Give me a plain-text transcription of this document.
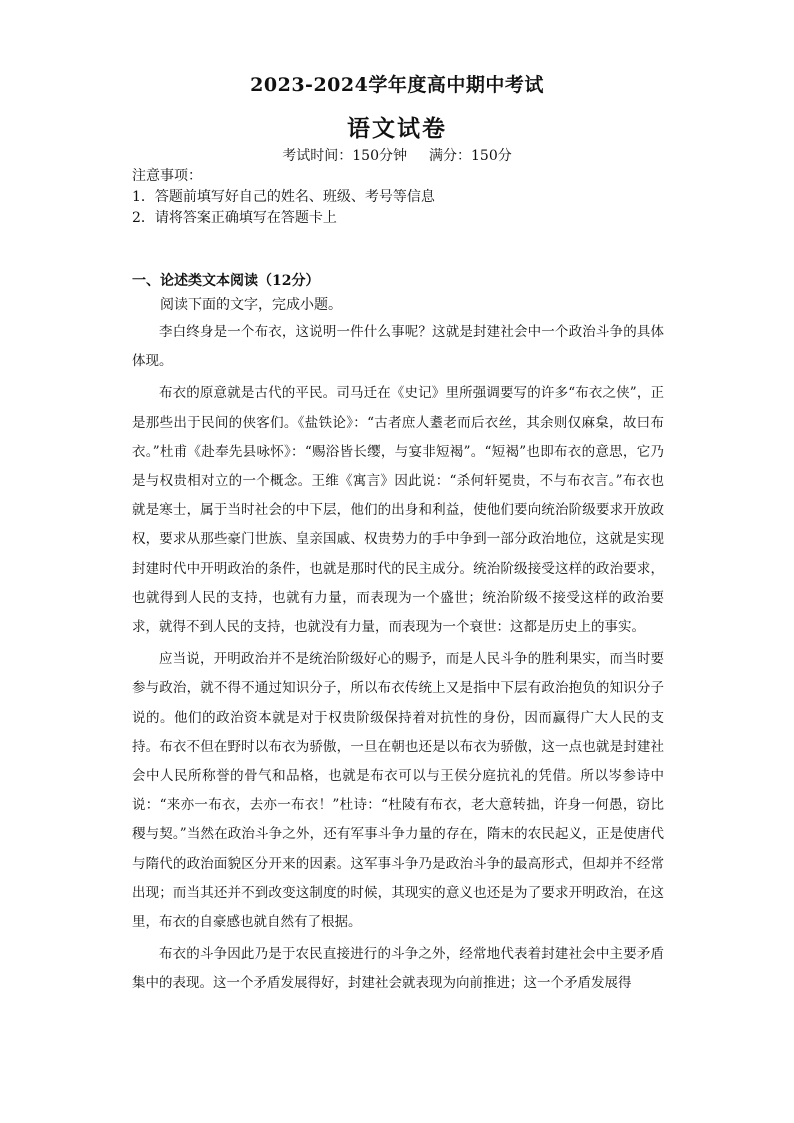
2023-2024学年度高中期中考试
语文试卷
考试时间：150分钟 满分：150分
注意事项：
1．答题前填写好自己的姓名、班级、考号等信息
2．请将答案正确填写在答题卡上
一、论述类文本阅读（12分）
阅读下面的文字，完成小题。

李白终身是一个布衣，这说明一件什么事呢？这就是封建社会中一个政治斗争的具体体现。

布衣的原意就是古代的平民。司马迁在《史记》里所强调要写的许多“布衣之侠”，正是那些出于民间的侠客们。《盐铁论》：“古者庶人耋老而后衣丝，其余则仅麻枲，故曰布衣。”杜甫《赴奉先县咏怀》：“赐浴皆长缨，与宴非短褐”。“短褐”也即布衣的意思，它乃是与权贵相对立的一个概念。王维《寓言》因此说：“杀何轩冕贵，不与布衣言。”布衣也就是寒士，属于当时社会的中下层，他们的出身和利益，使他们要向统治阶级要求开放政权，要求从那些豪门世族、皇亲国戚、权贵势力的手中争到一部分政治地位，这就是实现封建时代中开明政治的条件，也就是那时代的民主成分。统治阶级接受这样的政治要求，也就得到人民的支持，也就有力量，而表现为一个盛世；统治阶级不接受这样的政治要求，就得不到人民的支持，也就没有力量，而表现为一个衰世：这都是历史上的事实。

应当说，开明政治并不是统治阶级好心的赐予，而是人民斗争的胜利果实，而当时要参与政治，就不得不通过知识分子，所以布衣传统上又是指中下层有政治抱负的知识分子说的。他们的政治资本就是对于权贵阶级保持着对抗性的身份，因而赢得广大人民的支持。布衣不但在野时以布衣为骄傲，一旦在朝也还是以布衣为骄傲，这一点也就是封建社会中人民所称誉的骨气和品格，也就是布衣可以与王侯分庭抗礼的凭借。所以岑参诗中说：“来亦一布衣，去亦一布衣！”杜诗：“杜陵有布衣，老大意转拙，许身一何愚，窃比稷与契。”当然在政治斗争之外，还有军事斗争力量的存在，隋末的农民起义，正是使唐代与隋代的政治面貌区分开来的因素。这军事斗争乃是政治斗争的最高形式，但却并不经常出现；而当其还并不到改变这制度的时候，其现实的意义也还是为了要求开明政治，在这里，布衣的自豪感也就自然有了根据。

布衣的斗争因此乃是于农民直接进行的斗争之外，经常地代表着封建社会中主要矛盾集中的表现。这一个矛盾发展得好，封建社会就表现为向前推进；这一个矛盾发展得
